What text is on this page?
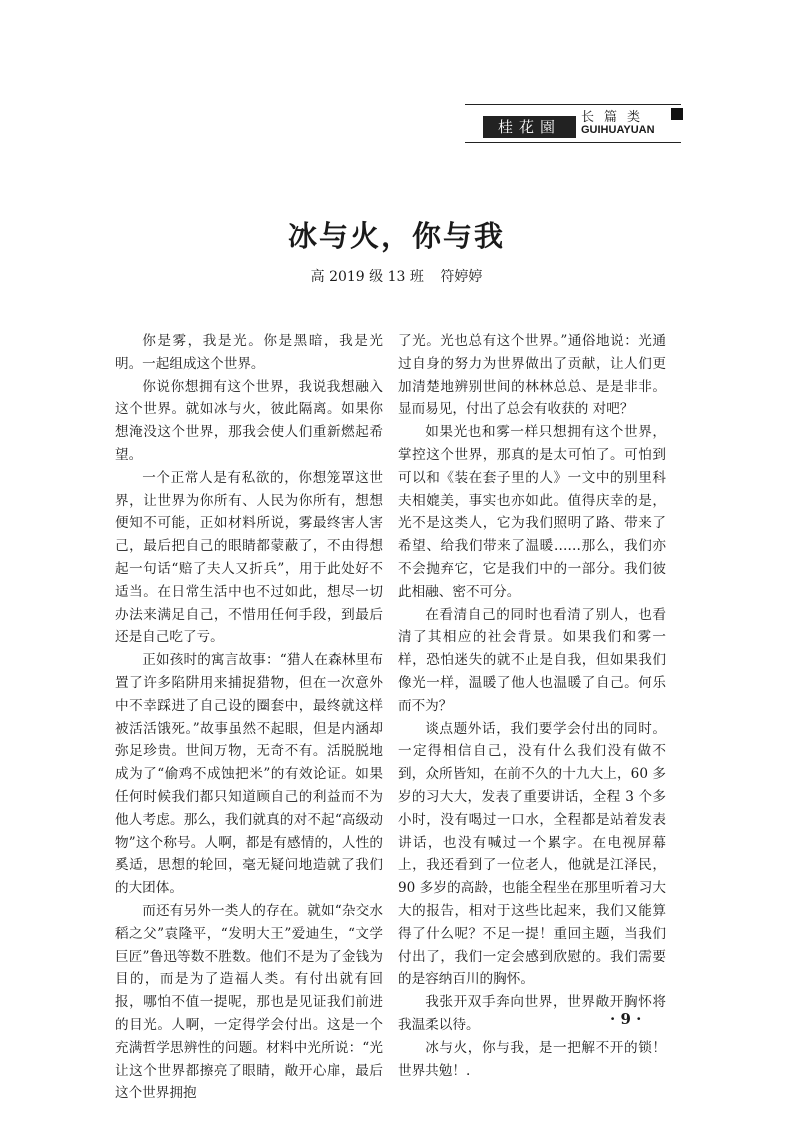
桂花園
长篇类
GUIHUAYUAN
冰与火，你与我
高 2019 级 13 班 符婷婷

你是雾，我是光。你是黑暗，我是光明。一起组成这个世界。

你说你想拥有这个世界，我说我想融入这个世界。就如冰与火，彼此隔离。如果你想淹没这个世界，那我会使人们重新燃起希望。

一个正常人是有私欲的，你想笼罩这世界，让世界为你所有、人民为你所有，想想便知不可能，正如材料所说，雾最终害人害己，最后把自己的眼睛都蒙蔽了，不由得想起一句话“赔了夫人又折兵”，用于此处好不适当。在日常生活中也不过如此，想尽一切办法来满足自己，不惜用任何手段，到最后还是自己吃了亏。

正如孩时的寓言故事：“猎人在森林里布置了许多陷阱用来捕捉猎物，但在一次意外中不幸踩进了自己设的圈套中，最终就这样被活活饿死。”故事虽然不起眼，但是内涵却弥足珍贵。世间万物，无奇不有。活脱脱地成为了“偷鸡不成蚀把米”的有效论证。如果任何时候我们都只知道顾自己的利益而不为他人考虑。那么，我们就真的对不起“高级动物”这个称号。人啊，都是有感情的，人性的奚适，思想的轮回，毫无疑问地造就了我们的大团体。

而还有另外一类人的存在。就如“杂交水稻之父”袁隆平，“发明大王”爱迪生，“文学巨匠”鲁迅等数不胜数。他们不是为了金钱为目的，而是为了造福人类。有付出就有回报，哪怕不值一提呢，那也是见证我们前进的目光。人啊，一定得学会付出。这是一个充满哲学思辨性的问题。材料中光所说：“光让这个世界都擦亮了眼睛，敞开心扉，最后这个世界拥抱

了光。光也总有这个世界。”通俗地说：光通过自身的努力为世界做出了贡献，让人们更加清楚地辨别世间的林林总总、是是非非。显而易见，付出了总会有收获的 对吧？

如果光也和雾一样只想拥有这个世界，掌控这个世界，那真的是太可怕了。可怕到可以和《装在套子里的人》一文中的别里科夫相媲美，事实也亦如此。值得庆幸的是，光不是这类人，它为我们照明了路、带来了希望、给我们带来了温暖……那么，我们亦不会抛弃它，它是我们中的一部分。我们彼此相融、密不可分。

在看清自己的同时也看清了别人，也看清了其相应的社会背景。如果我们和雾一样，恐怕迷失的就不止是自我，但如果我们像光一样，温暖了他人也温暖了自己。何乐而不为？

谈点题外话，我们要学会付出的同时。一定得相信自己，没有什么我们没有做不到，众所皆知，在前不久的十九大上，60 多岁的习大大，发表了重要讲话，全程 3 个多小时，没有喝过一口水，全程都是站着发表讲话，也没有喊过一个累字。在电视屏幕上，我还看到了一位老人，他就是江泽民，90 多岁的高龄，也能全程坐在那里听着习大大的报告，相对于这些比起来，我们又能算得了什么呢？不足一提！重回主题，当我们付出了，我们一定会感到欣慰的。我们需要的是容纳百川的胸怀。

我张开双手奔向世界，世界敞开胸怀将我温柔以待。

冰与火，你与我，是一把解不开的锁！世界共勉！.

· 9 ·
